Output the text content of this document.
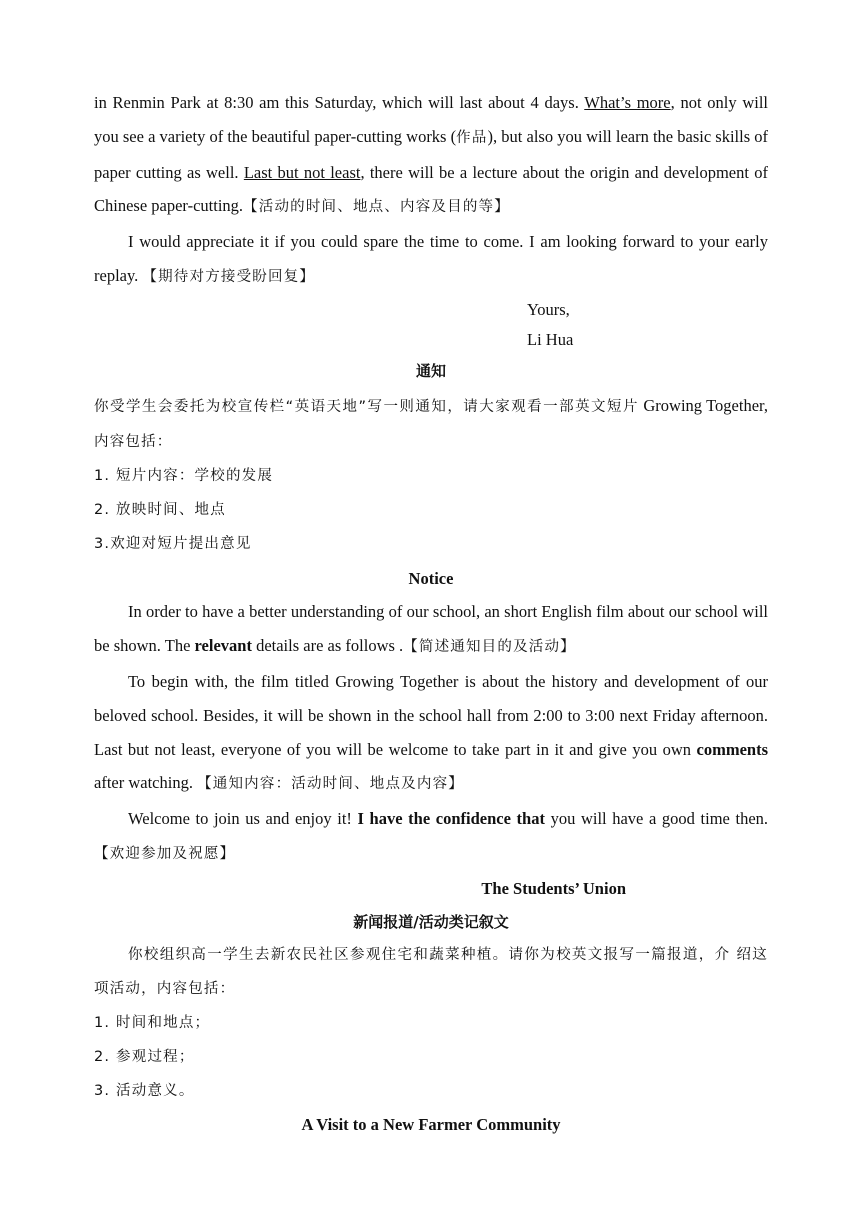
in Renmin Park at 8:30 am this Saturday, which will last about 4 days. What’s more, not only will you see a variety of the beautiful paper-cutting works (作品), but also you will learn the basic skills of paper cutting as well. Last but not least, there will be a lecture about the origin and development of Chinese paper-cutting.【活动的时间、地点、内容及目的等】

I would appreciate it if you could spare the time to come. I am looking forward to your early replay. 【期待对方接受盼回复】

Yours,

Li Hua

通知

你受学生会委托为校宣传栏“英语天地”写一则通知，请大家观看一部英文短片 Growing Together, 内容包括：

1. 短片内容：学校的发展

2. 放映时间、地点

3.欢迎对短片提出意见

Notice

In order to have a better understanding of our school, an short English film about our school will be shown. The relevant details are as follows .【简述通知目的及活动】

To begin with, the film titled Growing Together is about the history and development of our beloved school. Besides, it will be shown in the school hall from 2:00 to 3:00 next Friday afternoon. Last but not least, everyone of you will be welcome to take part in it and give you own comments after watching. 【通知内容：活动时间、地点及内容】

Welcome to join us and enjoy it! I have the confidence that you will have a good time then. 【欢迎参加及祝愿】

The Students’ Union

新闻报道/活动类记叙文

你校组织高一学生去新农民社区参观住宅和蔬菜种植。请你为校英文报写一篇报道，介 绍这项活动，内容包括：

1. 时间和地点；

2. 参观过程；

3. 活动意义。

A Visit to a New Farmer Community
